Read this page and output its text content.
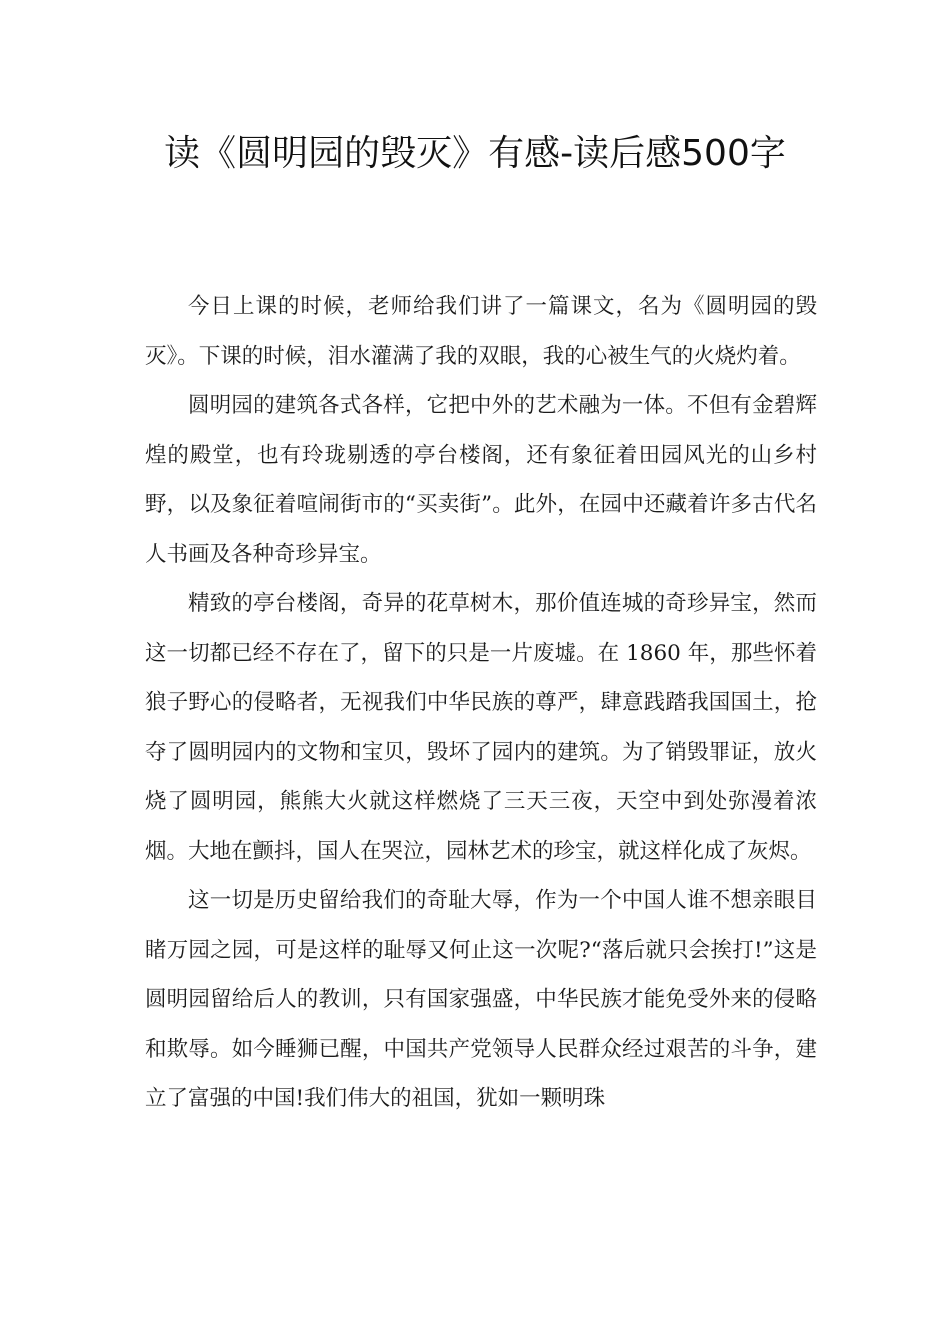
读《圆明园的毁灭》有感-读后感500字

今日上课的时候，老师给我们讲了一篇课文，名为《圆明园的毁灭》。下课的时候，泪水灌满了我的双眼，我的心被生气的火烧灼着。

圆明园的建筑各式各样，它把中外的艺术融为一体。不但有金碧辉煌的殿堂，也有玲珑剔透的亭台楼阁，还有象征着田园风光的山乡村野，以及象征着喧闹街市的“买卖街”。此外，在园中还藏着许多古代名人书画及各种奇珍异宝。

精致的亭台楼阁，奇异的花草树木，那价值连城的奇珍异宝，然而这一切都已经不存在了，留下的只是一片废墟。在 1860 年，那些怀着狼子野心的侵略者，无视我们中华民族的尊严，肆意践踏我国国土，抢夺了圆明园内的文物和宝贝，毁坏了园内的建筑。为了销毁罪证，放火烧了圆明园，熊熊大火就这样燃烧了三天三夜，天空中到处弥漫着浓烟。大地在颤抖，国人在哭泣，园林艺术的珍宝，就这样化成了灰烬。

这一切是历史留给我们的奇耻大辱，作为一个中国人谁不想亲眼目睹万园之园，可是这样的耻辱又何止这一次呢?“落后就只会挨打!”这是圆明园留给后人的教训，只有国家强盛，中华民族才能免受外来的侵略和欺辱。如今睡狮已醒，中国共产党领导人民群众经过艰苦的斗争，建立了富强的中国!我们伟大的祖国，犹如一颗明珠
